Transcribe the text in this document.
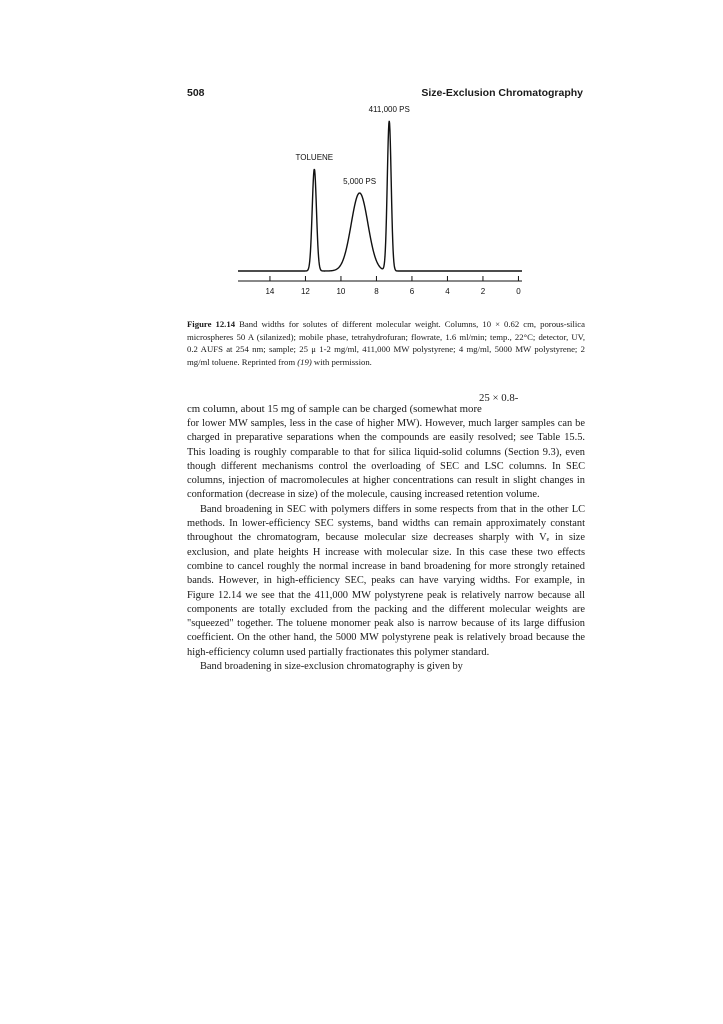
508	Size-Exclusion Chromatography
14	12	10	8	6	4	2	0
TOLUENE
5,000 PS
411,000 PS
Figure 12.14 Band widths for solutes of different molecular weight. Columns, 10 × 0.62 cm, porous-silica microspheres 50 A (silanized); mobile phase, tetrahydrofuran; flowrate, 1.6 ml/min; temp., 22°C; detector, UV, 0.2 AUFS at 254 nm; sample; 25 μ 1-2 mg/ml, 411,000 MW polystyrene; 4 mg/ml, 5000 MW polystyrene; 2 mg/ml toluene. Reprinted from (19) with permission.
25 × 0.8-
cm column, about 15 mg of sample can be charged (somewhat more

for lower MW samples, less in the case of higher MW). However, much larger samples can be charged in preparative separations when the compounds are easily resolved; see Table 15.5. This loading is roughly comparable to that for silica liquid-solid columns (Section 9.3), even though different mechanisms control the overloading of SEC and LSC columns. In SEC columns, injection of macromolecules at higher concentrations can result in slight changes in conformation (decrease in size) of the molecule, causing increased retention volume.

Band broadening in SEC with polymers differs in some respects from that in the other LC methods. In lower-efficiency SEC systems, band widths can remain approximately constant throughout the chromatogram, because molecular size decreases sharply with Vₑ in size exclusion, and plate heights H increase with molecular size. In this case these two effects combine to cancel roughly the normal increase in band broadening for more strongly retained bands. However, in high-efficiency SEC, peaks can have varying widths. For example, in Figure 12.14 we see that the 411,000 MW polystyrene peak is relatively narrow because all components are totally excluded from the packing and the different molecular weights are "squeezed" together. The toluene monomer peak also is narrow because of its large diffusion coefficient. On the other hand, the 5000 MW polystyrene peak is relatively broad because the high-efficiency column used partially fractionates this polymer standard.

Band broadening in size-exclusion chromatography is given by
